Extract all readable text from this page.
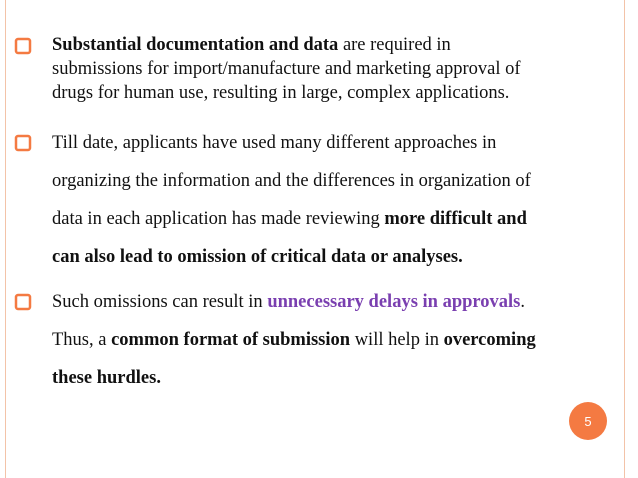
Substantial documentation and data are required in
submissions for import/manufacture and marketing approval of
drugs for human use, resulting in large, complex applications.
Till date, applicants have used many different approaches in
organizing the information and the differences in organization of
data in each application has made reviewing more difficult and
can also lead to omission of critical data or analyses.
Such omissions can result in unnecessary delays in approvals.
Thus, a common format of submission will help in overcoming
these hurdles.
5
